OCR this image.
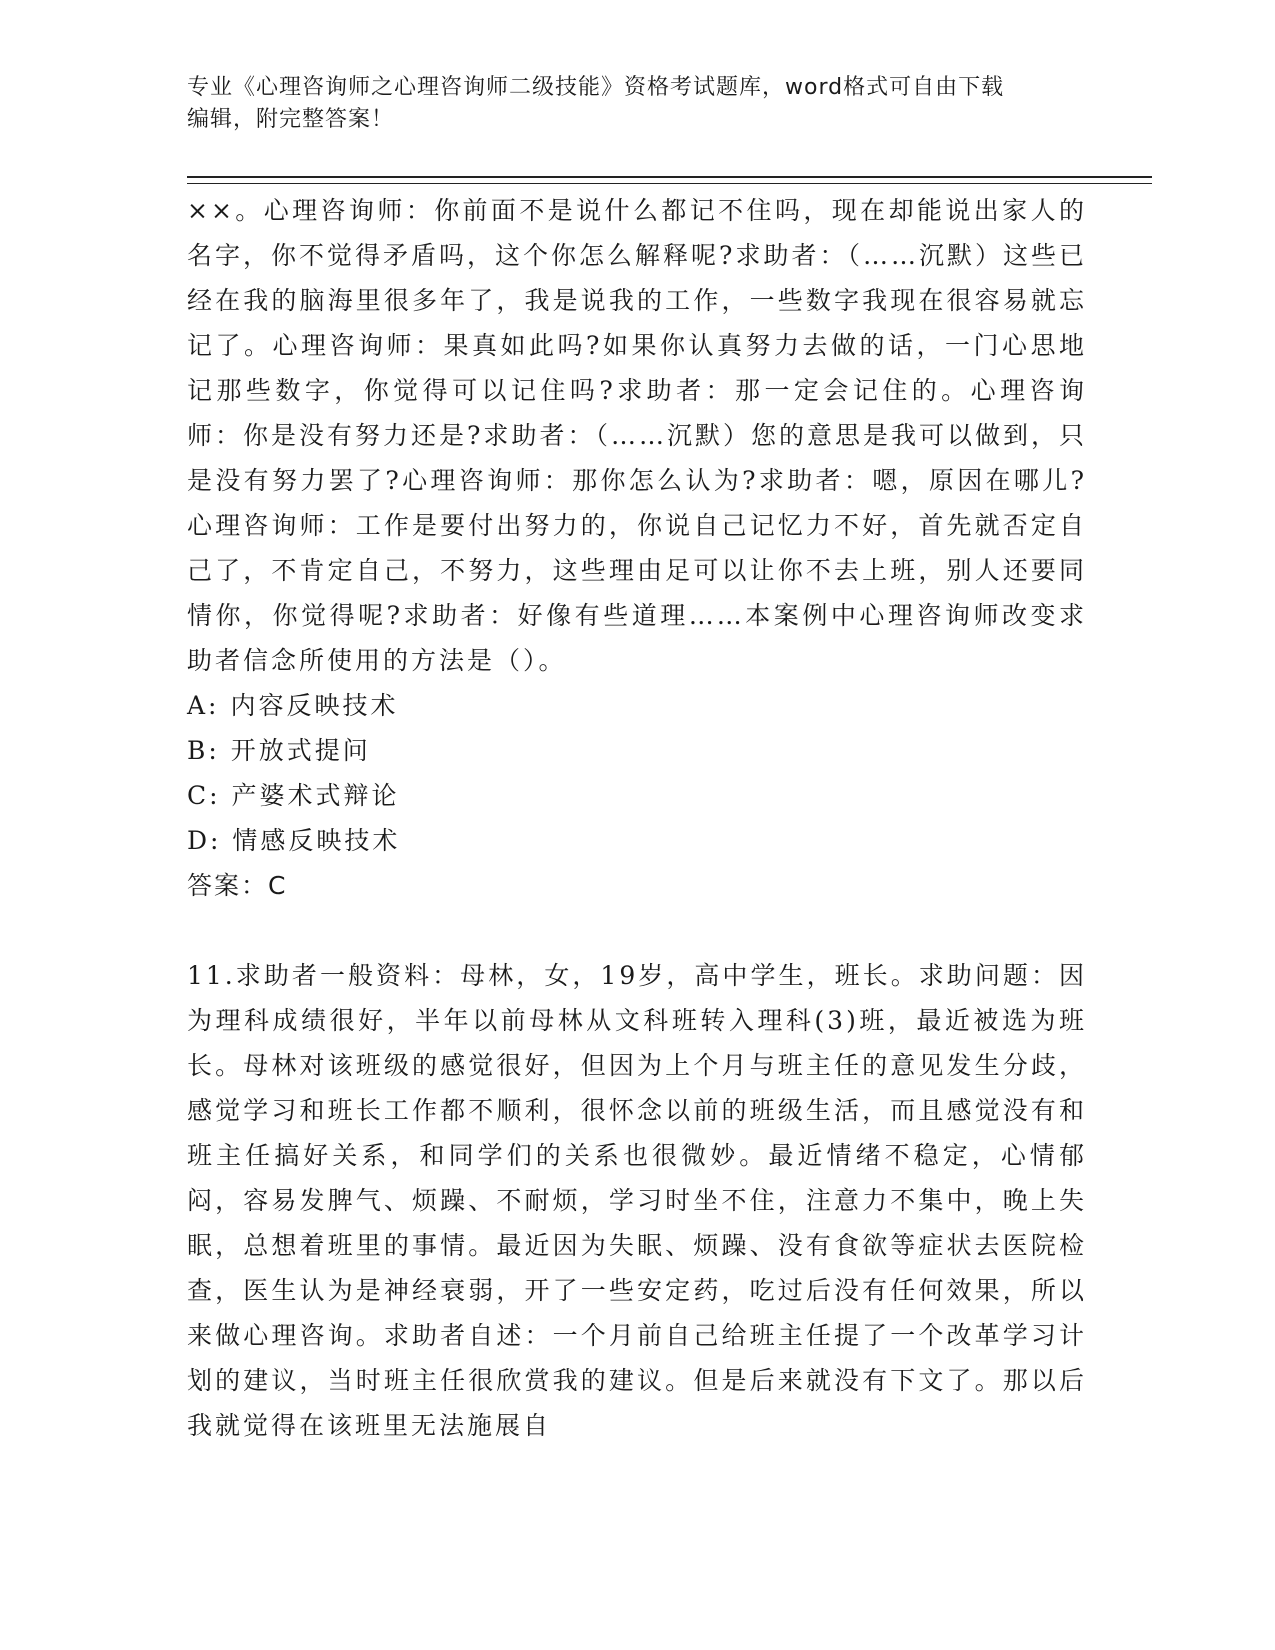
专业《心理咨询师之心理咨询师二级技能》资格考试题库，word格式可自由下载
编辑，附完整答案！

××。心理咨询师：你前面不是说什么都记不住吗，现在却能说出家人的名字，你不觉得矛盾吗，这个你怎么解释呢?求助者：（……沉默）这些已经在我的脑海里很多年了，我是说我的工作，一些数字我现在很容易就忘记了。心理咨询师：果真如此吗?如果你认真努力去做的话，一门心思地记那些数字，你觉得可以记住吗?求助者：那一定会记住的。心理咨询师：你是没有努力还是?求助者：（……沉默）您的意思是我可以做到，只是没有努力罢了?心理咨询师：那你怎么认为?求助者：嗯，原因在哪儿?心理咨询师：工作是要付出努力的，你说自己记忆力不好，首先就否定自己了，不肯定自己，不努力，这些理由足可以让你不去上班，别人还要同情你，你觉得呢?求助者：好像有些道理……本案例中心理咨询师改变求助者信念所使用的方法是（）。

A: 内容反映技术

B: 开放式提问

C: 产婆术式辩论

D: 情感反映技术

答案：C

11.求助者一般资料：母林，女，19岁，高中学生，班长。求助问题：因为理科成绩很好，半年以前母林从文科班转入理科(3)班，最近被选为班长。母林对该班级的感觉很好，但因为上个月与班主任的意见发生分歧，感觉学习和班长工作都不顺利，很怀念以前的班级生活，而且感觉没有和班主任搞好关系，和同学们的关系也很微妙。最近情绪不稳定，心情郁闷，容易发脾气、烦躁、不耐烦，学习时坐不住，注意力不集中，晚上失眠，总想着班里的事情。最近因为失眠、烦躁、没有食欲等症状去医院检查，医生认为是神经衰弱，开了一些安定药，吃过后没有任何效果，所以来做心理咨询。求助者自述：一个月前自己给班主任提了一个改革学习计划的建议，当时班主任很欣赏我的建议。但是后来就没有下文了。那以后我就觉得在该班里无法施展自
